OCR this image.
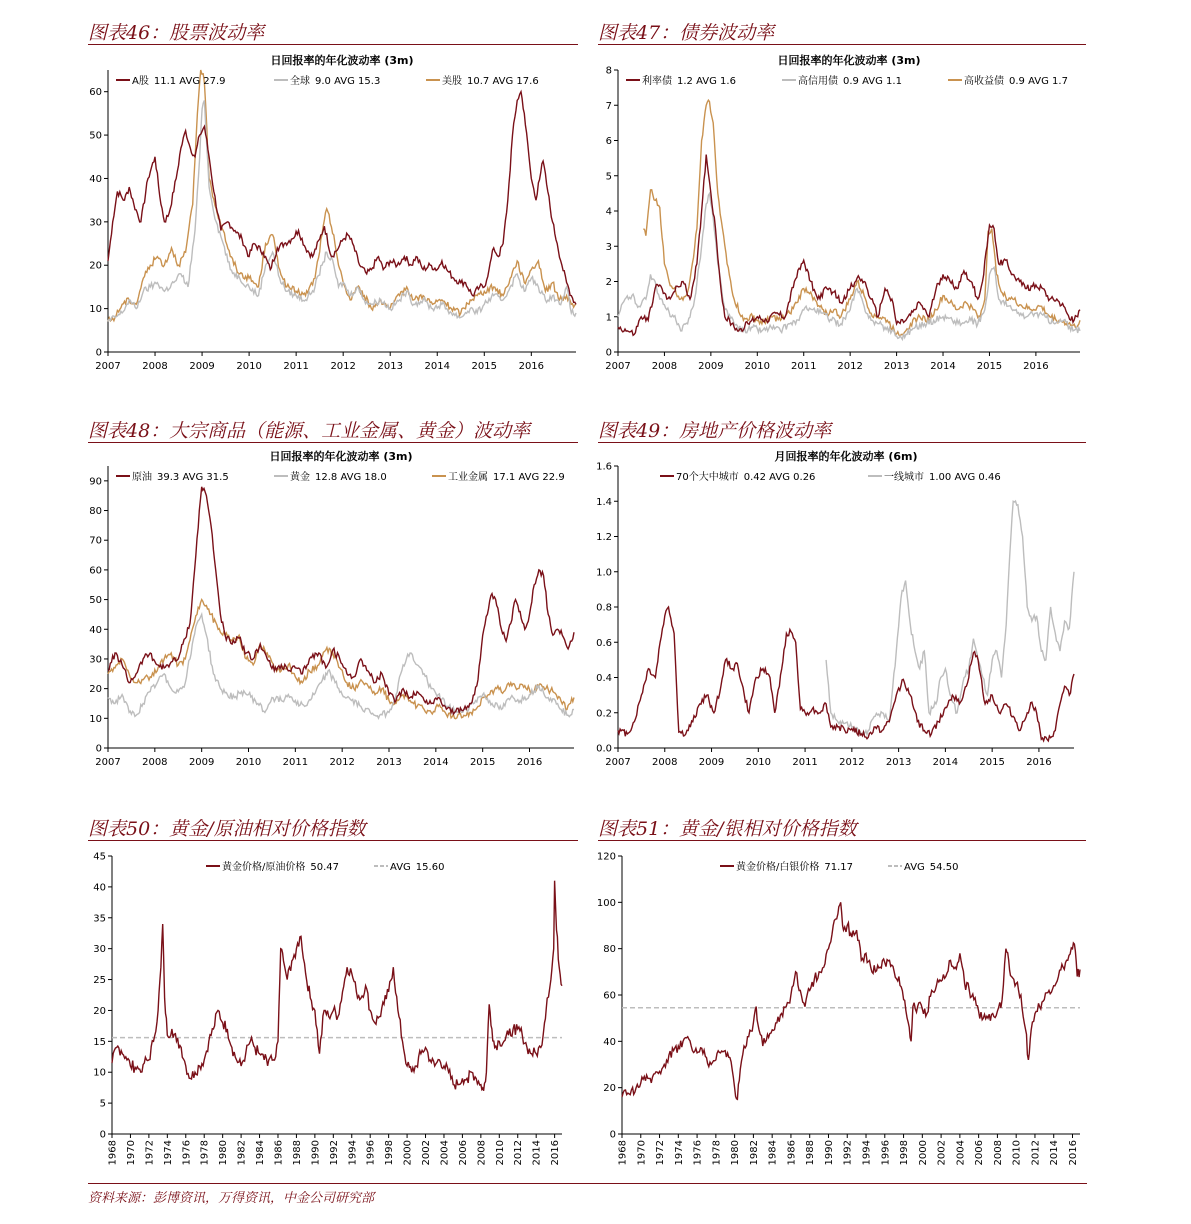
图表46：股票波动率
日回报率的年化波动率 (3m)
0
10
20
30
40
50
60
2007 2008 2009 2010 2011 2012 2013 2014 2015 2016
A股 11.1 AVG 27.9	全球 9.0 AVG 15.3	美股 10.7 AVG 17.6
图表47：债券波动率
日回报率的年化波动率 (3m)
0
1
2
3
4
5
6
7
8
2007 2008 2009 2010 2011 2012 2013 2014 2015 2016
利率债 1.2 AVG 1.6	高信用债 0.9 AVG 1.1	高收益债 0.9 AVG 1.7
图表48：大宗商品（能源、工业金属、黄金）波动率
日回报率的年化波动率 (3m)
0
10
20
30
40
50
60
70
80
90
2007 2008 2009 2010 2011 2012 2013 2014 2015 2016
原油 39.3 AVG 31.5	黄金 12.8 AVG 18.0	工业金属 17.1 AVG 22.9
图表49：房地产价格波动率
月回报率的年化波动率 (6m)
0.0
0.2
0.4
0.6
0.8
1.0
1.2
1.4
1.6
2007 2008 2009 2010 2011 2012 2013 2014 2015 2016
70个大中城市 0.42 AVG 0.26	一线城市 1.00 AVG 0.46
图表50：黄金/原油相对价格指数
0
5
10
15
20
25
30
35
40
45
1968 1970 1972 1974 1976 1978 1980 1982 1984 1986 1988 1990 1992 1994 1996 1998 2000 2002 2004 2006 2008 2010 2012 2014 2016
黄金价格/原油价格 50.47	AVG 15.60
图表51：黄金/银相对价格指数
0
20
40
60
80
100
120
1968 1970 1972 1974 1976 1978 1980 1982 1984 1986 1988 1990 1992 1994 1996 1998 2000 2002 2004 2006 2008 2010 2012 2014 2016
黄金价格/白银价格 71.17	AVG 54.50
资料来源：彭博资讯，万得资讯，中金公司研究部
